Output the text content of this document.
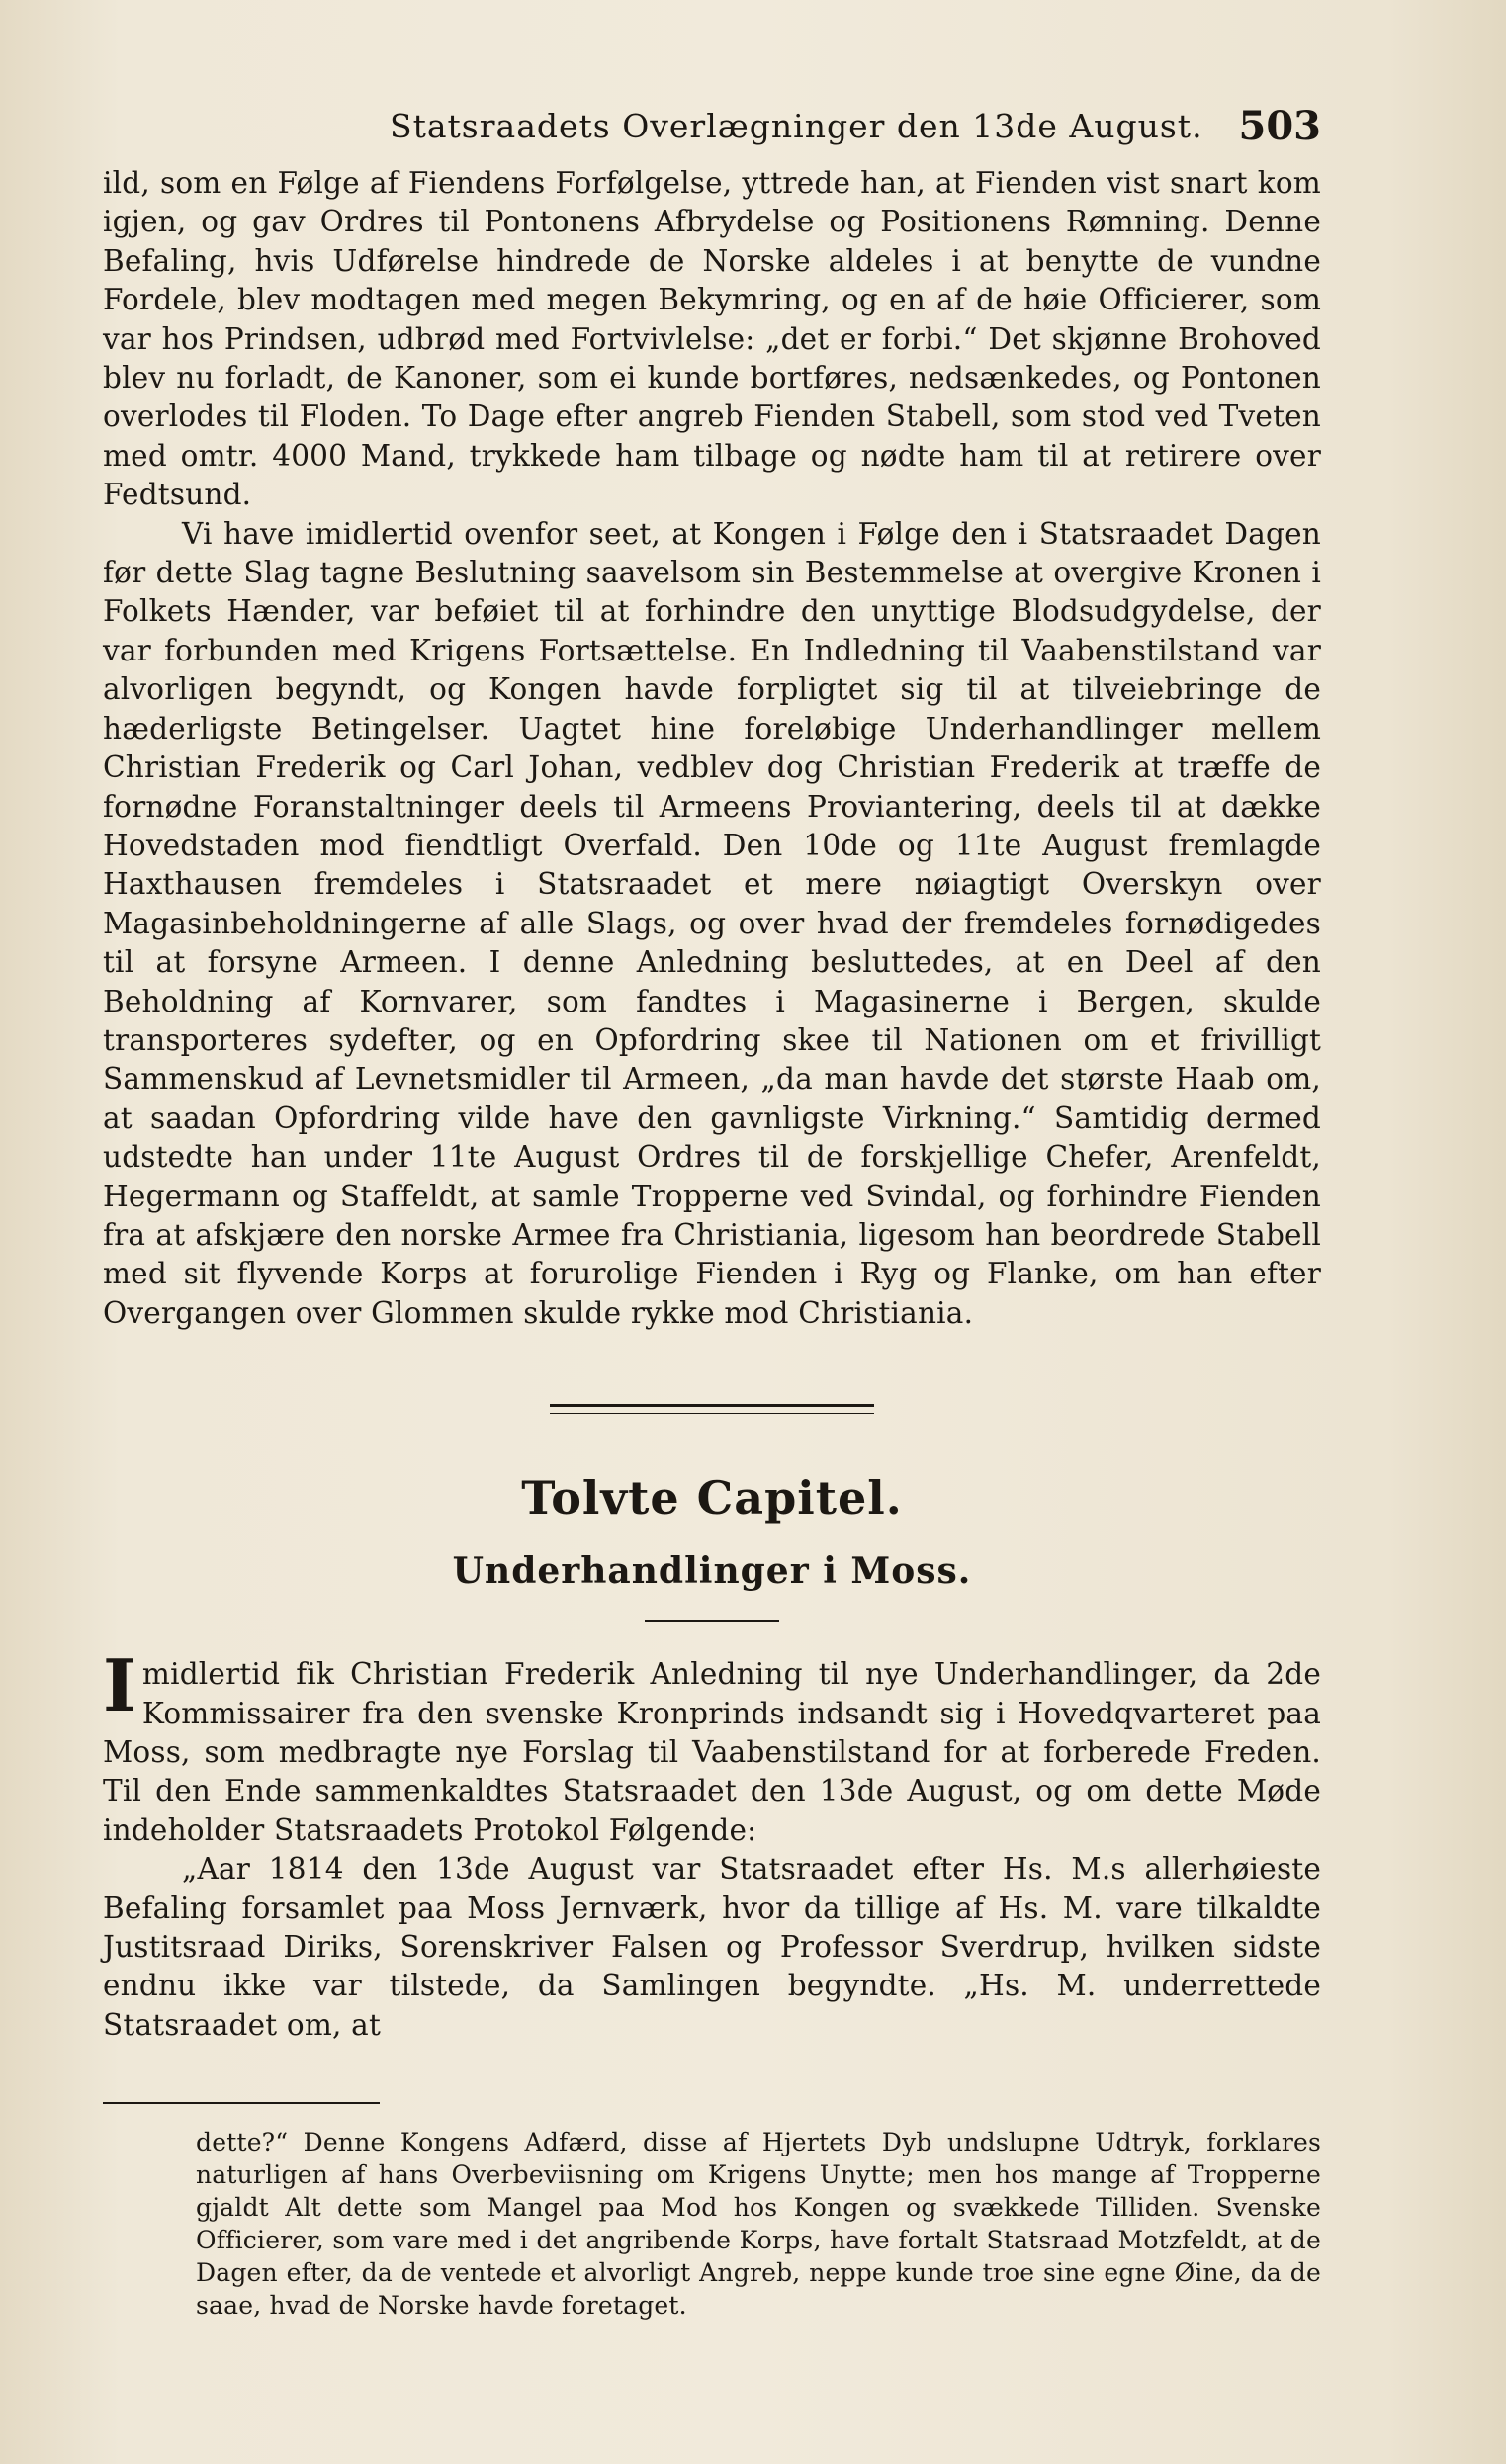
Statsraadets Overlægninger den 13de August. 503

ild, som en Følge af Fiendens Forfølgelse, yttrede han, at Fienden vist snart kom igjen, og gav Ordres til Pontonens Afbrydelse og Positionens Rømning. Denne Befaling, hvis Udførelse hindrede de Norske aldeles i at benytte de vundne Fordele, blev modtagen med megen Bekymring, og en af de høie Officierer, som var hos Prindsen, udbrød med Fortvivlelse: „det er forbi.“ Det skjønne Brohoved blev nu forladt, de Kanoner, som ei kunde bortføres, nedsænkedes, og Pontonen overlodes til Floden. To Dage efter angreb Fienden Stabell, som stod ved Tveten med omtr. 4000 Mand, trykkede ham tilbage og nødte ham til at retirere over Fedtsund.

Vi have imidlertid ovenfor seet, at Kongen i Følge den i Statsraadet Dagen før dette Slag tagne Beslutning saavelsom sin Bestemmelse at overgive Kronen i Folkets Hænder, var beføiet til at forhindre den unyttige Blodsudgydelse, der var forbunden med Krigens Fortsættelse. En Indledning til Vaabenstilstand var alvorligen begyndt, og Kongen havde forpligtet sig til at tilveiebringe de hæderligste Betingelser. Uagtet hine foreløbige Underhandlinger mellem Christian Frederik og Carl Johan, vedblev dog Christian Frederik at træffe de fornødne Foranstaltninger deels til Armeens Proviantering, deels til at dække Hovedstaden mod fiendtligt Overfald. Den 10de og 11te August fremlagde Haxthausen fremdeles i Statsraadet et mere nøiagtigt Overskyn over Magasinbeholdningerne af alle Slags, og over hvad der fremdeles fornødigedes til at forsyne Armeen. I denne Anledning besluttedes, at en Deel af den Beholdning af Kornvarer, som fandtes i Magasinerne i Bergen, skulde transporteres sydefter, og en Opfordring skee til Nationen om et frivilligt Sammenskud af Levnetsmidler til Armeen, „da man havde det største Haab om, at saadan Opfordring vilde have den gavnligste Virkning.“ Samtidig dermed udstedte han under 11te August Ordres til de forskjellige Chefer, Arenfeldt, Hegermann og Staffeldt, at samle Tropperne ved Svindal, og forhindre Fienden fra at afskjære den norske Armee fra Christiania, ligesom han beordrede Stabell med sit flyvende Korps at forurolige Fienden i Ryg og Flanke, om han efter Overgangen over Glommen skulde rykke mod Christiania.

Tolvte Capitel.
Underhandlinger i Moss.

Imidlertid fik Christian Frederik Anledning til nye Underhandlinger, da 2de Kommissairer fra den svenske Kronprinds indsandt sig i Hovedqvarteret paa Moss, som medbragte nye Forslag til Vaabenstilstand for at forberede Freden. Til den Ende sammenkaldtes Statsraadet den 13de August, og om dette Møde indeholder Statsraadets Protokol Følgende:

„Aar 1814 den 13de August var Statsraadet efter Hs. M.s allerhøieste Befaling forsamlet paa Moss Jernværk, hvor da tillige af Hs. M. vare tilkaldte Justitsraad Diriks, Sorenskriver Falsen og Professor Sverdrup, hvilken sidste endnu ikke var tilstede, da Samlingen begyndte. „Hs. M. underrettede Statsraadet om, at

dette?“ Denne Kongens Adfærd, disse af Hjertets Dyb undslupne Udtryk, forklares naturligen af hans Overbeviisning om Krigens Unytte; men hos mange af Tropperne gjaldt Alt dette som Mangel paa Mod hos Kongen og svækkede Tilliden. Svenske Officierer, som vare med i det angribende Korps, have fortalt Statsraad Motzfeldt, at de Dagen efter, da de ventede et alvorligt Angreb, neppe kunde troe sine egne Øine, da de saae, hvad de Norske havde foretaget.
